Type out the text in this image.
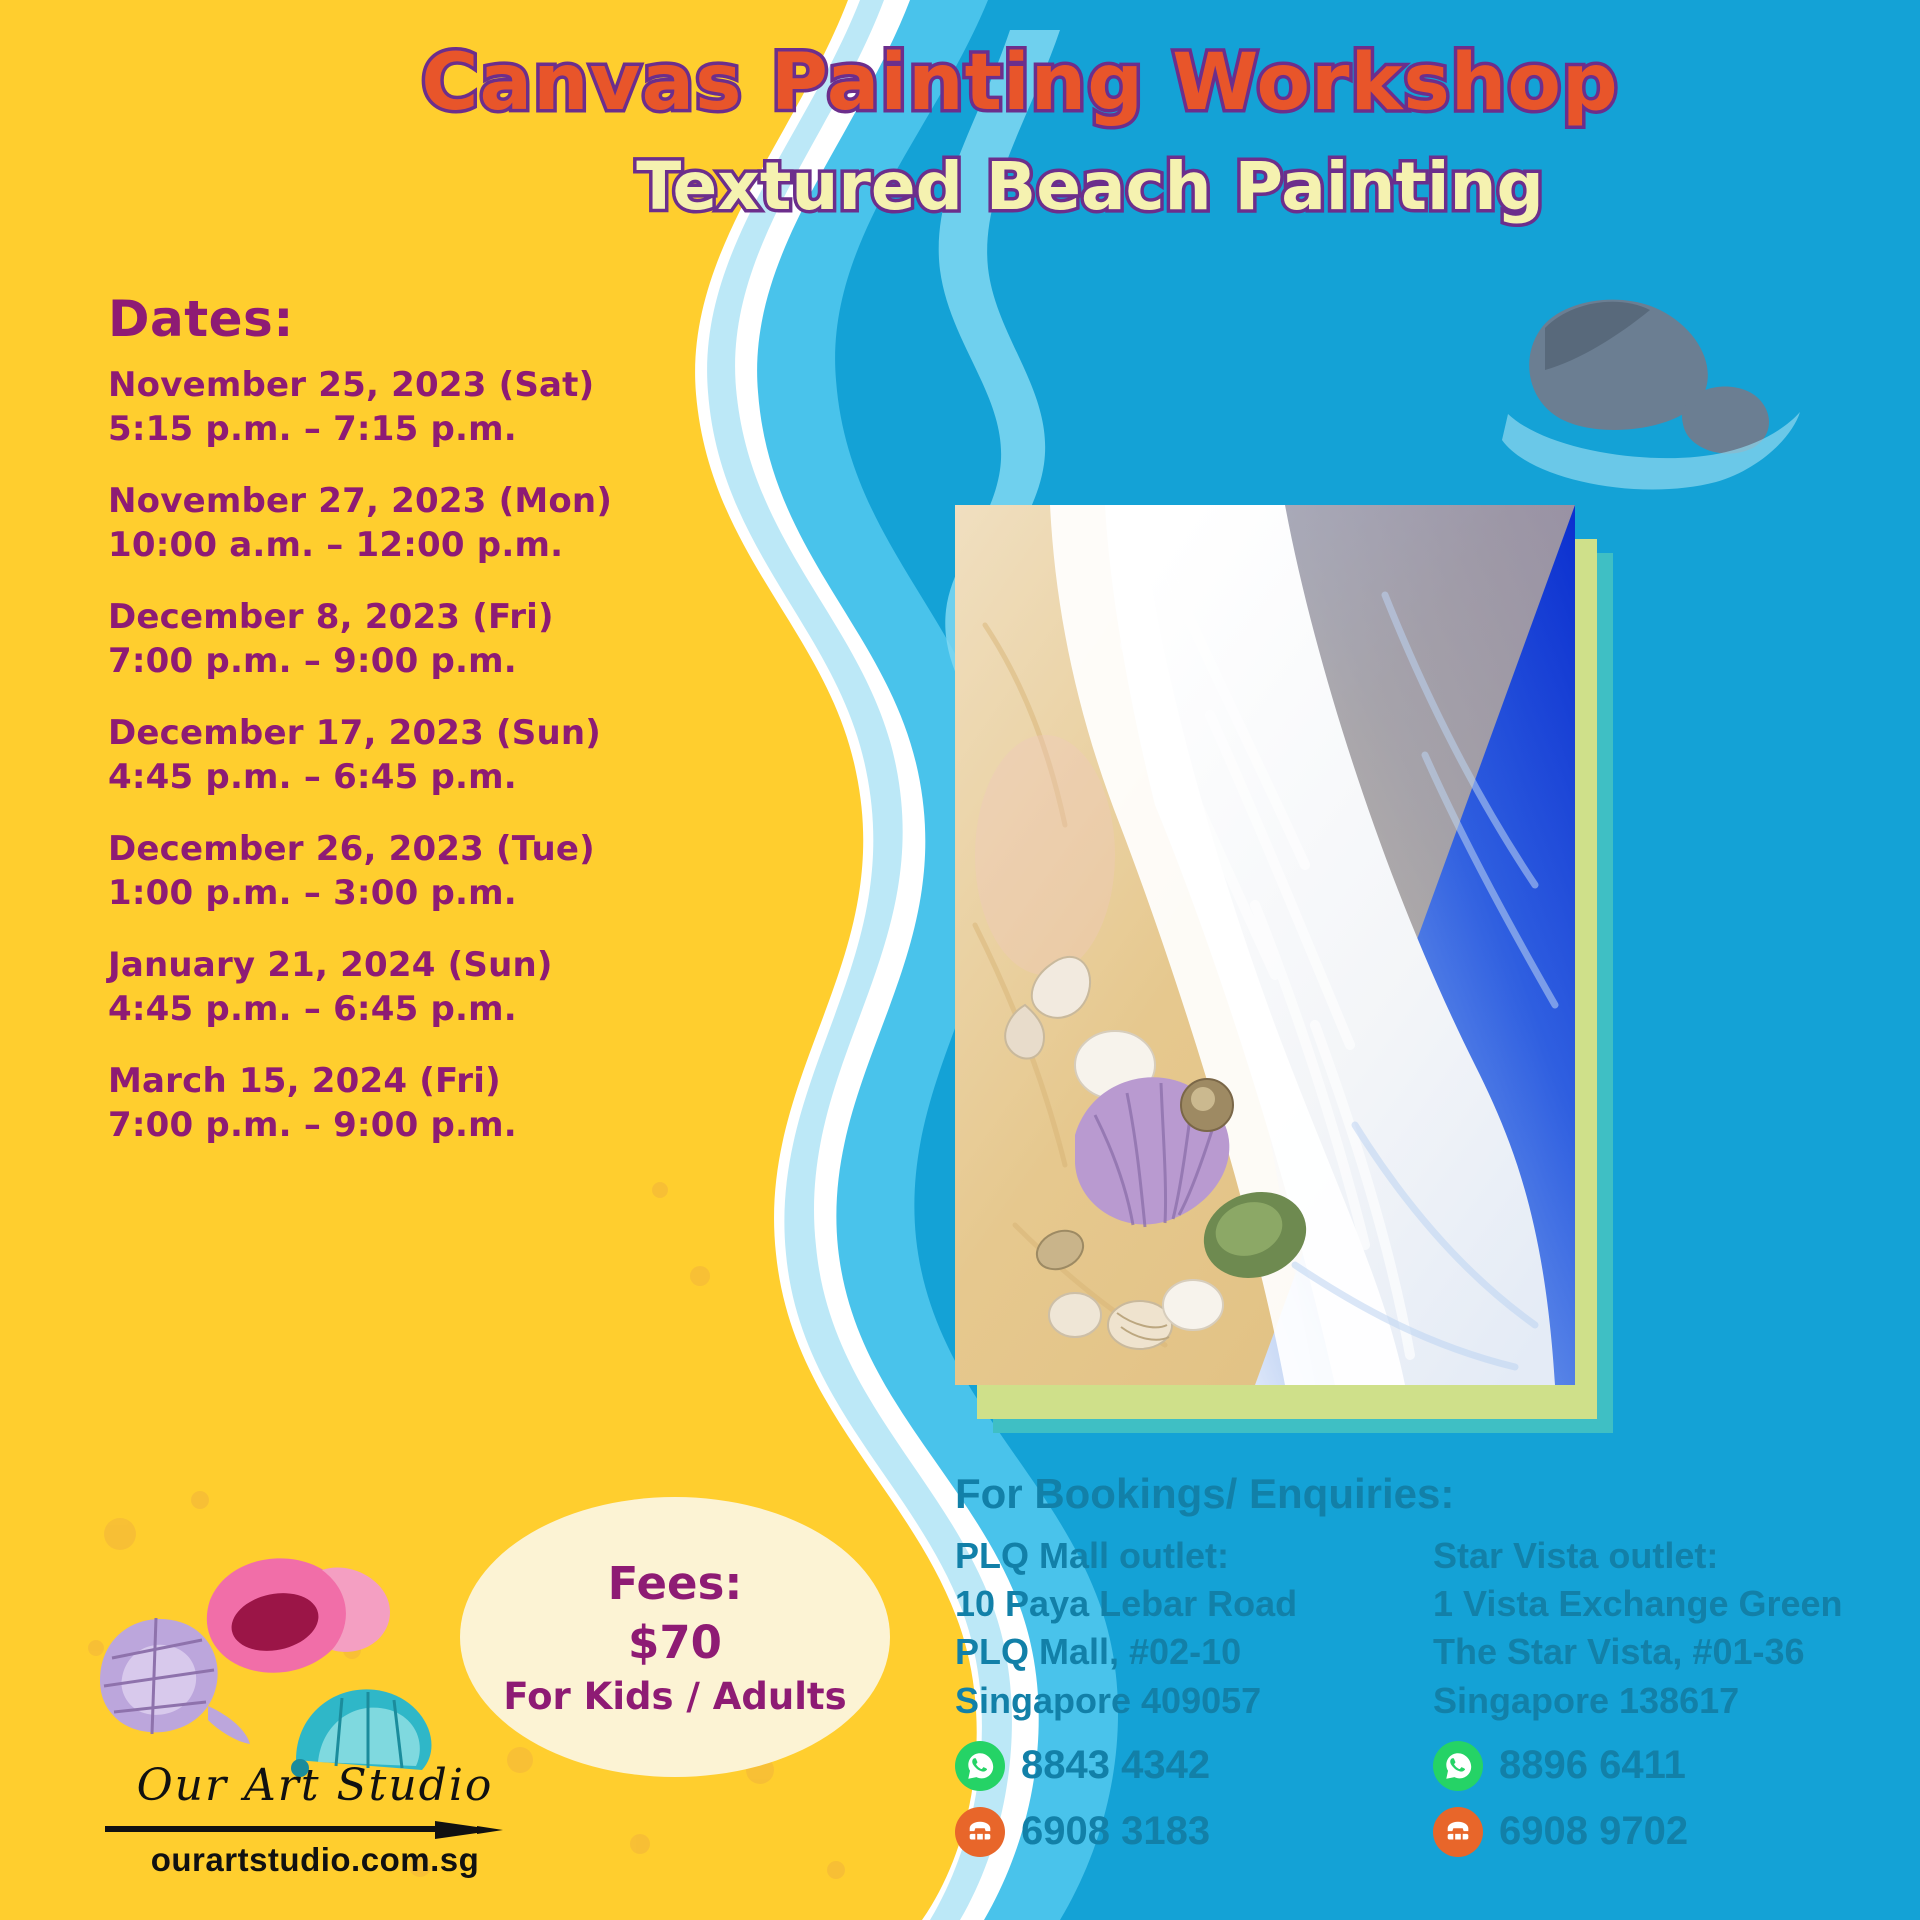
Canvas Painting Workshop
Textured Beach Painting
Dates:
November 25, 2023 (Sat)
5:15 p.m. – 7:15 p.m.
November 27, 2023 (Mon)
10:00 a.m. – 12:00 p.m.
December 8, 2023 (Fri)
7:00 p.m. – 9:00 p.m.
December 17, 2023 (Sun)
4:45 p.m. – 6:45 p.m.
December 26, 2023 (Tue)
1:00 p.m. – 3:00 p.m.
January 21, 2024 (Sun)
4:45 p.m. – 6:45 p.m.
March 15, 2024 (Fri)
7:00 p.m. – 9:00 p.m.
Fees:
$70
For Kids / Adults
For Bookings/ Enquiries:
PLQ Mall outlet:
10 Paya Lebar Road
PLQ Mall, #02-10
Singapore 409057
8843 4342
6908 3183
Star Vista outlet:
1 Vista Exchange Green
The Star Vista, #01-36
Singapore 138617
8896 6411
6908 9702
Our Art Studio
ourartstudio.com.sg
